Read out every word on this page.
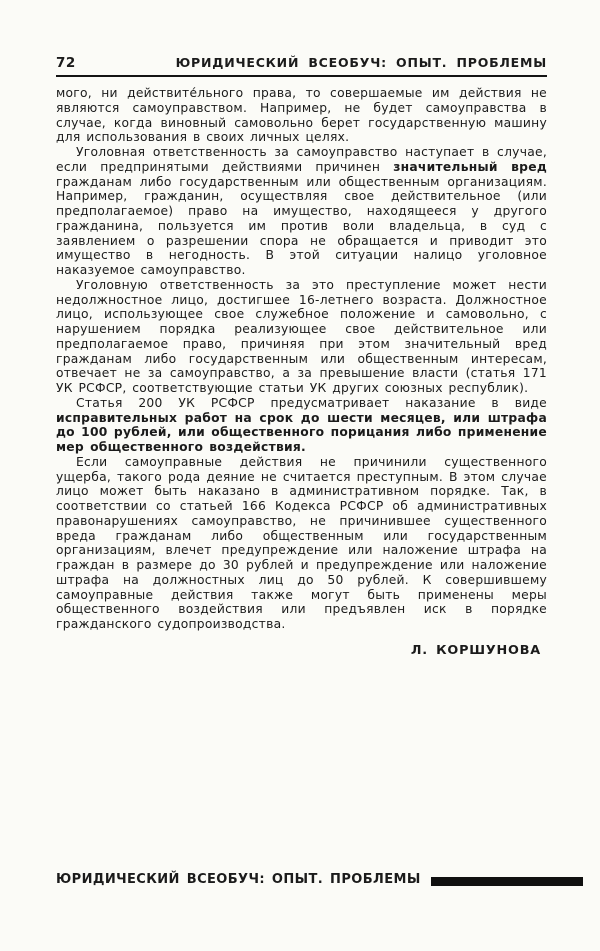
72	ЮРИДИЧЕСКИЙ ВСЕОБУЧ: ОПЫТ. ПРОБЛЕМЫ

мого, ни действите́льного права, то совершаемые им действия не являются самоуправством. Например, не будет самоуправства в случае, когда виновный самовольно берет государственную машину для использования в своих личных целях.

Уголовная ответственность за самоуправство наступает в случае, если предпринятыми действиями причинен значительный вред гражданам либо государственным или общественным организациям. Например, гражданин, осуществляя свое действительное (или предполагаемое) право на имущество, находящееся у другого гражданина, пользуется им против воли владельца, в суд с заявлением о разрешении спора не обращается и приводит это имущество в негодность. В этой ситуации налицо уголовное наказуемое самоуправство.

Уголовную ответственность за это преступление может нести недолжностное лицо, достигшее 16-летнего возраста. Должностное лицо, использующее свое служебное положение и самовольно, с нарушением порядка реализующее свое действительное или предполагаемое право, причиняя при этом значительный вред гражданам либо государственным или общественным интересам, отвечает не за самоуправство, а за превышение власти (статья 171 УК РСФСР, соответствующие статьи УК других союзных республик).

Статья 200 УК РСФСР предусматривает наказание в виде исправительных работ на срок до шести месяцев, или штрафа до 100 рублей, или общественного порицания либо применение мер общественного воздействия.

Если самоуправные действия не причинили существенного ущерба, такого рода деяние не считается преступным. В этом случае лицо может быть наказано в административном порядке. Так, в соответствии со статьей 166 Кодекса РСФСР об административных правонарушениях самоуправство, не причинившее существенного вреда гражданам либо общественным или государственным организациям, влечет предупреждение или наложение штрафа на граждан в размере до 30 рублей и предупреждение или наложение штрафа на должностных лиц до 50 рублей. К совершившему самоуправные действия также могут быть применены меры общественного воздействия или предъявлен иск в порядке гражданского судопроизводства.

Л. КОРШУНОВА
ЮРИДИЧЕСКИЙ ВСЕОБУЧ: ОПЫТ. ПРОБЛЕМЫ
